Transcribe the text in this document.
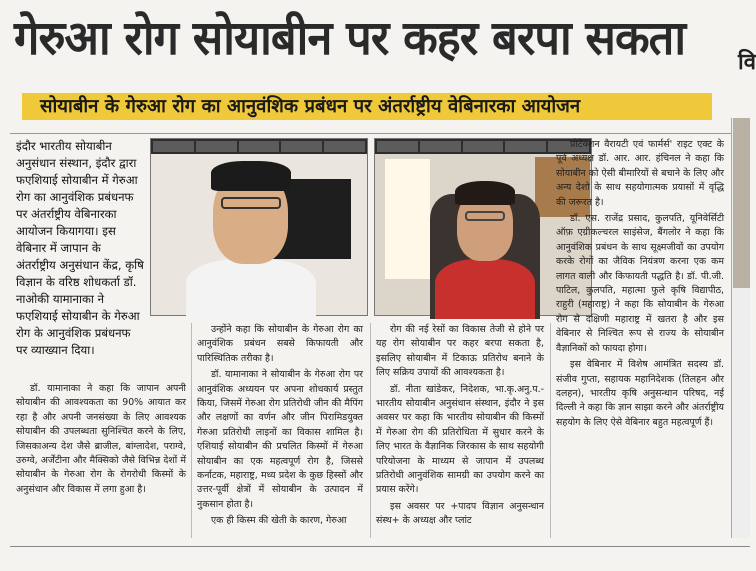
गेरुआ रोग सोयाबीन पर कहर बरपा सकता	वि
सोयाबीन के गेरुआ रोग का आनुवंशिक प्रबंधन पर अंतर्राष्ट्रीय वेबिनारका आयोजन
इंदौर भारतीय सोयाबीन अनुसंधान संस्थान, इंदौर द्वारा फएशियाई सोयाबीन में गेरुआ रोग का आनुवंशिक प्रबंधनफ पर अंतर्राष्ट्रीय वेबिनारका आयोजन कियागया। इस वेबिनार में जापान के अंतर्राष्ट्रीय अनुसंधान केंद्र, कृषि विज्ञान के वरिष्ठ शोधकर्ता डॉ. नाओकी यामानाका ने फएशियाई सोयाबीन के गेरुआ रोग के आनुवंशिक प्रबंधनफ पर व्याख्यान दिया।

डॉ. यामानाका ने कहा कि जापान अपनी सोयाबीन की आवश्यकता का 90% आयात कर रहा है और अपनी जनसंख्या के लिए आवश्यक सोयाबीन की उपलब्धता सुनिश्चित करने के लिए, जिसकाअन्य देश जैसे ब्राजील, बांग्लादेश, पराग्वे, उरुग्वे, अर्जेंटीना और मैक्सिको जैसे विभिन्न देशों में सोयाबीन के गेरुआ रोग के रोगरोधी किस्मों के अनुसंधान और विकास में लगा हुआ है।

उन्होंने कहा कि सोयाबीन के गेरुआ रोग का आनुवंशिक प्रबंधन सबसे किफायती और पारिस्थितिक तरीका है।

डॉ. यामानाका ने सोयाबीन के गेरुआ रोग पर आनुवंशिक अध्ययन पर अपना शोधकार्य प्रस्तुत किया, जिसमें गेरुआ रोग प्रतिरोधी जीन की मैपिंग और लक्षणों का वर्णन और जीन पिरामिडयुक्त गेरुआ प्रतिरोधी लाइनों का विकास शामिल है। एशियाई सोयाबीन की प्रचलित किस्मों में गेरुआ सोयाबीन का एक महत्वपूर्ण रोग है, जिससे कर्नाटक, महाराष्ट्र, मध्य प्रदेश के कुछ हिस्सों और उत्तर-पूर्वी क्षेत्रों में सोयाबीन के उत्पादन में नुकसान होता है।

एक ही किस्म की खेती के कारण, गेरुआ

रोग की नई रेसों का विकास तेजी से होने पर यह रोग सोयाबीन पर कहर बरपा सकता है, इसलिए सोयाबीन में टिकाऊ प्रतिरोध बनाने के लिए सक्रिय उपायों की आवश्यकता है।

डॉ. नीता खांडेकर, निदेशक, भा.कृ.अनु.प.-भारतीय सोयाबीन अनुसंधान संस्थान, इंदौर ने इस अवसर पर कहा कि भारतीय सोयाबीन की किस्मों में गेरुआ रोग की प्रतिरोधिता में सुधार करने के लिए भारत के वैज्ञानिक जिरकास के साथ सहयोगी परियोजना के माध्यम से जापान में उपलब्ध प्रतिरोधी आनुवंशिक सामग्री का उपयोग करने का प्रयास करेंगे।

इस अवसर पर +पादप विज्ञान अनुसन्धान संस्थ+ के अध्यक्ष और प्लांट

प्रोटेक्शन वैरायटी एवं फार्मर्स' राइट एक्ट के पूर्व अध्यक्ष डॉ. आर. आर. हंचिनल ने कहा कि सोयाबीन को ऐसी बीमारियों से बचाने के लिए और अन्य देशो के साथ सहयोगात्मक प्रयासों में वृद्धि की जरूरत है।

डॉ. एस. राजेंद्र प्रसाद, कुलपति, यूनिवेर्सिटी ऑफ़ एग्रीकल्चरल साइंसेज, बैंगलोर ने कहा कि आनुवंशिक प्रबंधन के साथ सूक्ष्मजीवों का उपयोग करके रोगों का जैविक नियंत्रण करना एक कम लागत वाली और किफायती पद्धति है। डॉ. पी.जी. पाटिल, कुलपति, महात्मा फुले कृषि विद्यापीठ, राहुरी (महाराष्ट्र) ने कहा कि सोयाबीन के गेरुआ रोग से दक्षिणी महाराष्ट्र में खतरा है और इस वेबिनार से निश्चित रूप से राज्य के सोयाबीन वैज्ञानिकों को फायदा होगा।

इस वेबिनार में विशेष आमंत्रित सदस्य डॉ. संजीव गुप्ता, सहायक महानिदेशक (तिलहन और दलहन), भारतीय कृषि अनुसन्धान परिषद, नई दिल्ली ने कहा कि ज्ञान साझा करने और अंतर्राष्ट्रीय सहयोग के लिए ऐसे वेबिनार बहुत महत्वपूर्ण हैं।
